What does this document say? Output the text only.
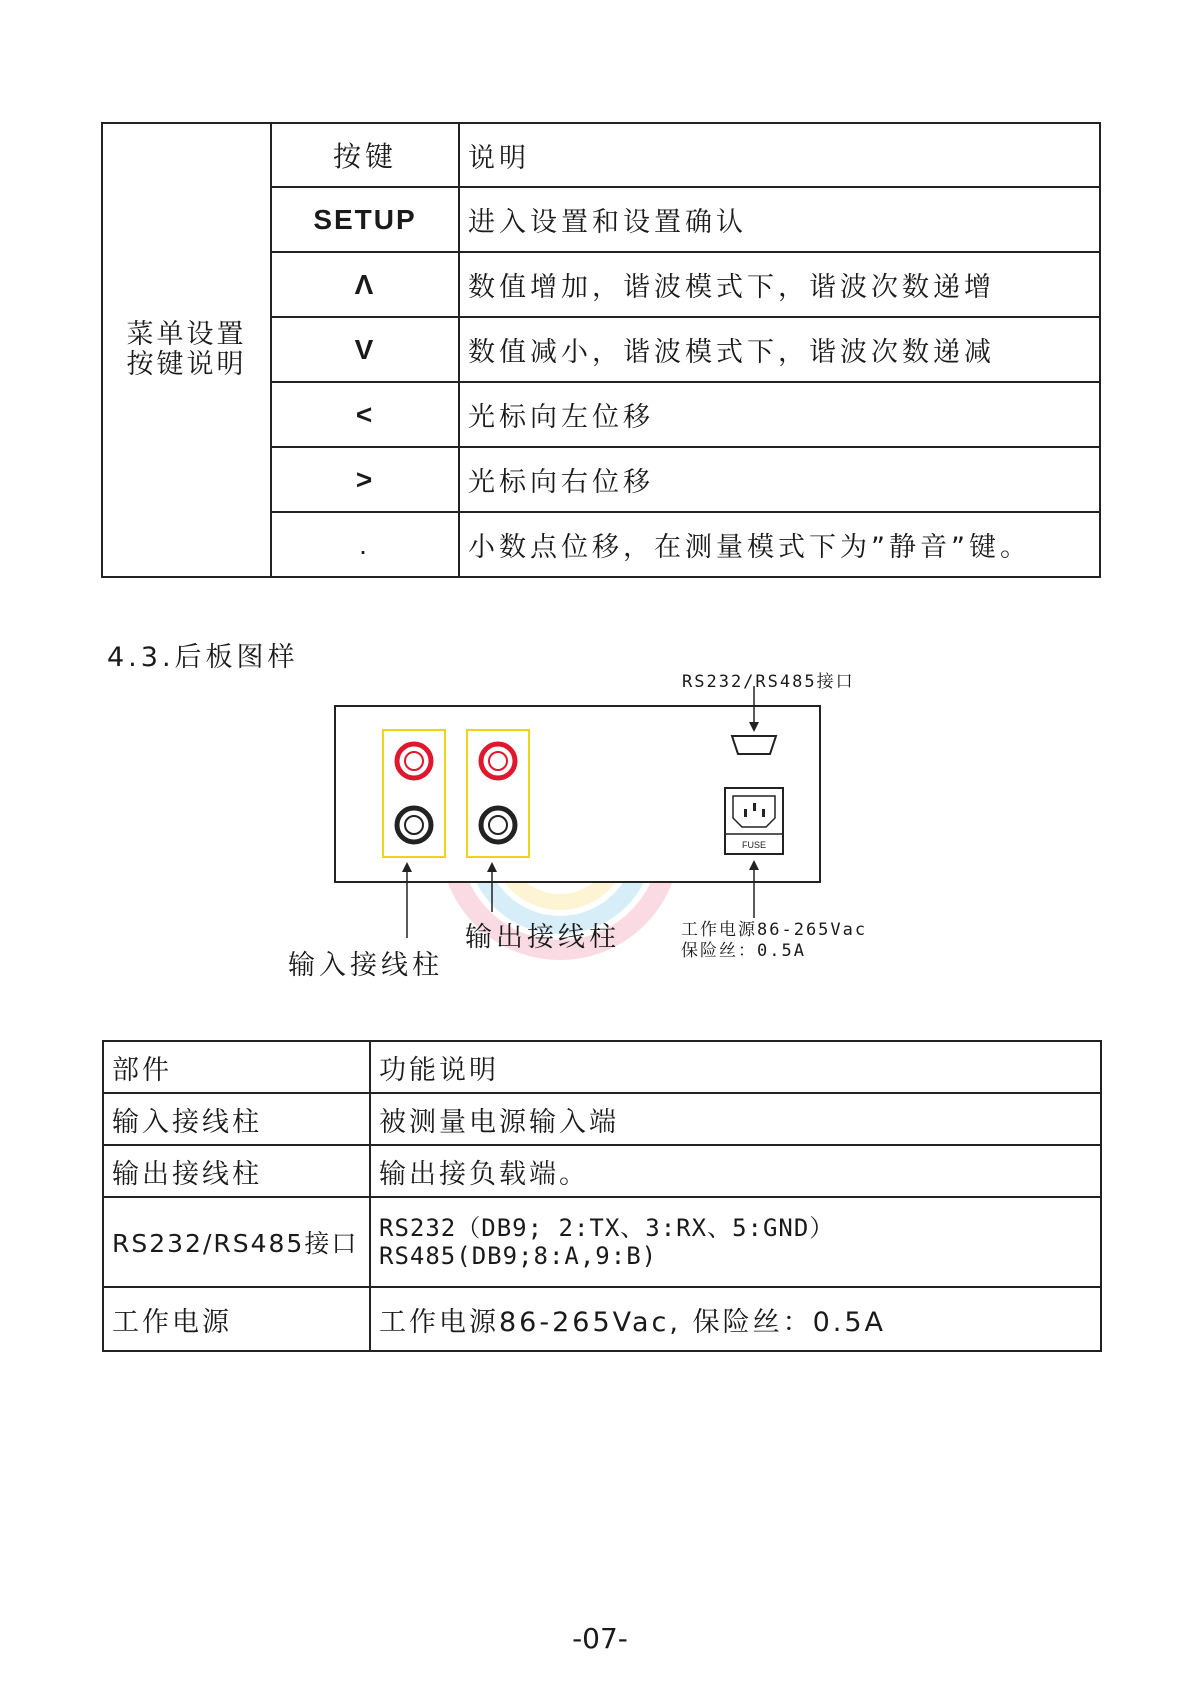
菜单设置
按键说明	按键	说明
	SETUP	进入设置和设置确认
	Λ	数值增加，谐波模式下，谐波次数递增
	V	数值减小，谐波模式下，谐波次数递减
	<	光标向左位移
	>	光标向右位移
	.	小数点位移，在测量模式下为”静音”键。
4.3.后板图样
FUSE
RS232/RS485接口
输入接线柱
输出接线柱	工作电源86-265Vac
保险丝：0.5A
部件	功能说明
输入接线柱	被测量电源输入端
输出接线柱	输出接负载端。
RS232/RS485接口	RS232（DB9; 2:TX、3:RX、5:GND）
RS485(DB9;8:A,9:B)

工作电源	工作电源86-265Vac, 保险丝：0.5A
-07-
